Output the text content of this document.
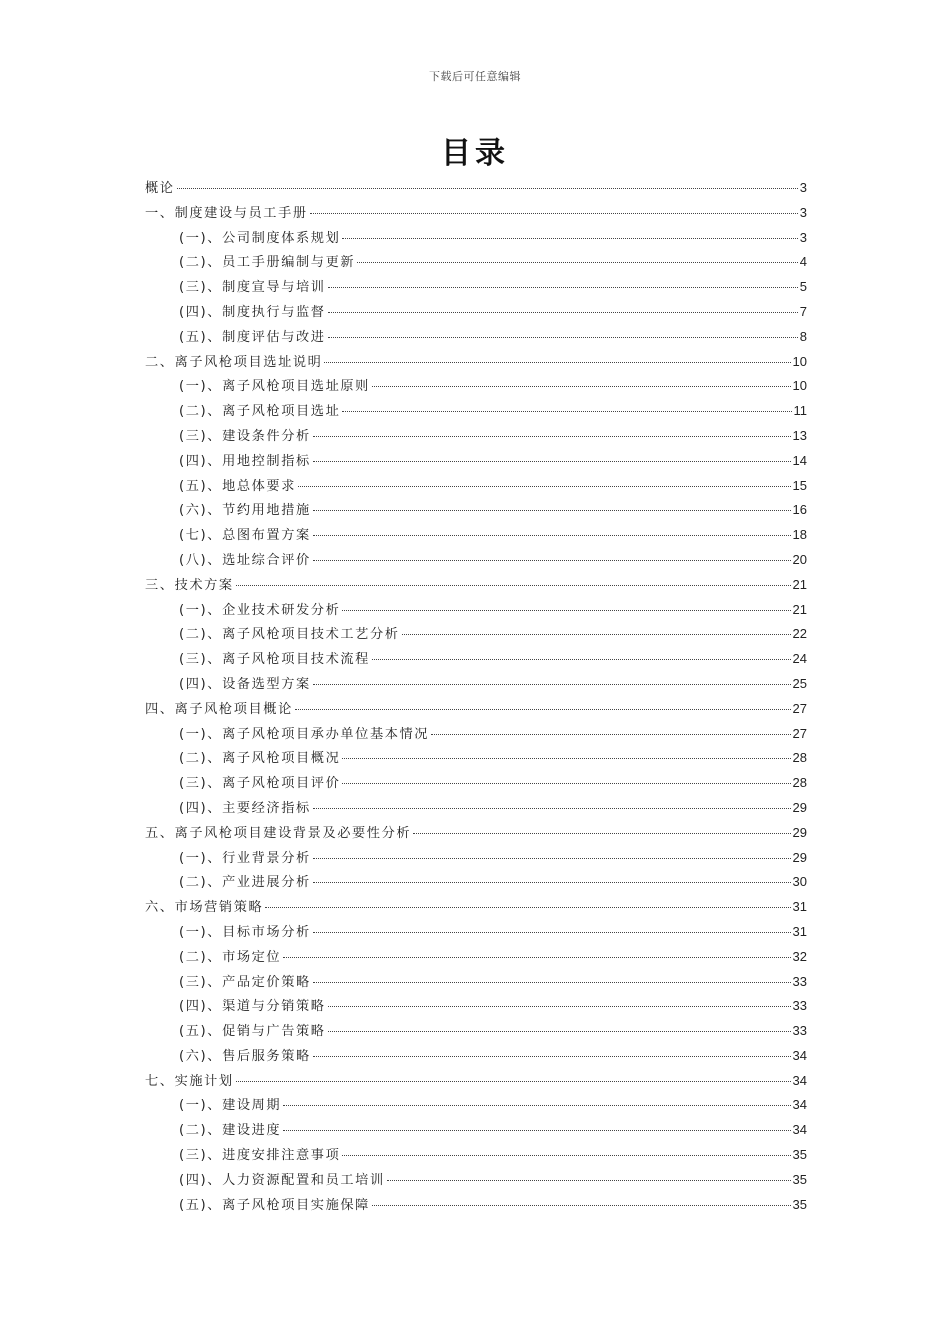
下载后可任意编辑
目录
概论	3
一、制度建设与员工手册	3
(一)、公司制度体系规划	3
(二)、员工手册编制与更新	4
(三)、制度宣导与培训	5
(四)、制度执行与监督	7
(五)、制度评估与改进	8
二、离子风枪项目选址说明	10
(一)、离子风枪项目选址原则	10
(二)、离子风枪项目选址	11
(三)、建设条件分析	13
(四)、用地控制指标	14
(五)、地总体要求	15
(六)、节约用地措施	16
(七)、总图布置方案	18
(八)、选址综合评价	20
三、技术方案	21
(一)、企业技术研发分析	21
(二)、离子风枪项目技术工艺分析	22
(三)、离子风枪项目技术流程	24
(四)、设备选型方案	25
四、离子风枪项目概论	27
(一)、离子风枪项目承办单位基本情况	27
(二)、离子风枪项目概况	28
(三)、离子风枪项目评价	28
(四)、主要经济指标	29
五、离子风枪项目建设背景及必要性分析	29
(一)、行业背景分析	29
(二)、产业进展分析	30
六、市场营销策略	31
(一)、目标市场分析	31
(二)、市场定位	32
(三)、产品定价策略	33
(四)、渠道与分销策略	33
(五)、促销与广告策略	33
(六)、售后服务策略	34
七、实施计划	34
(一)、建设周期	34
(二)、建设进度	34
(三)、进度安排注意事项	35
(四)、人力资源配置和员工培训	35
(五)、离子风枪项目实施保障	35
